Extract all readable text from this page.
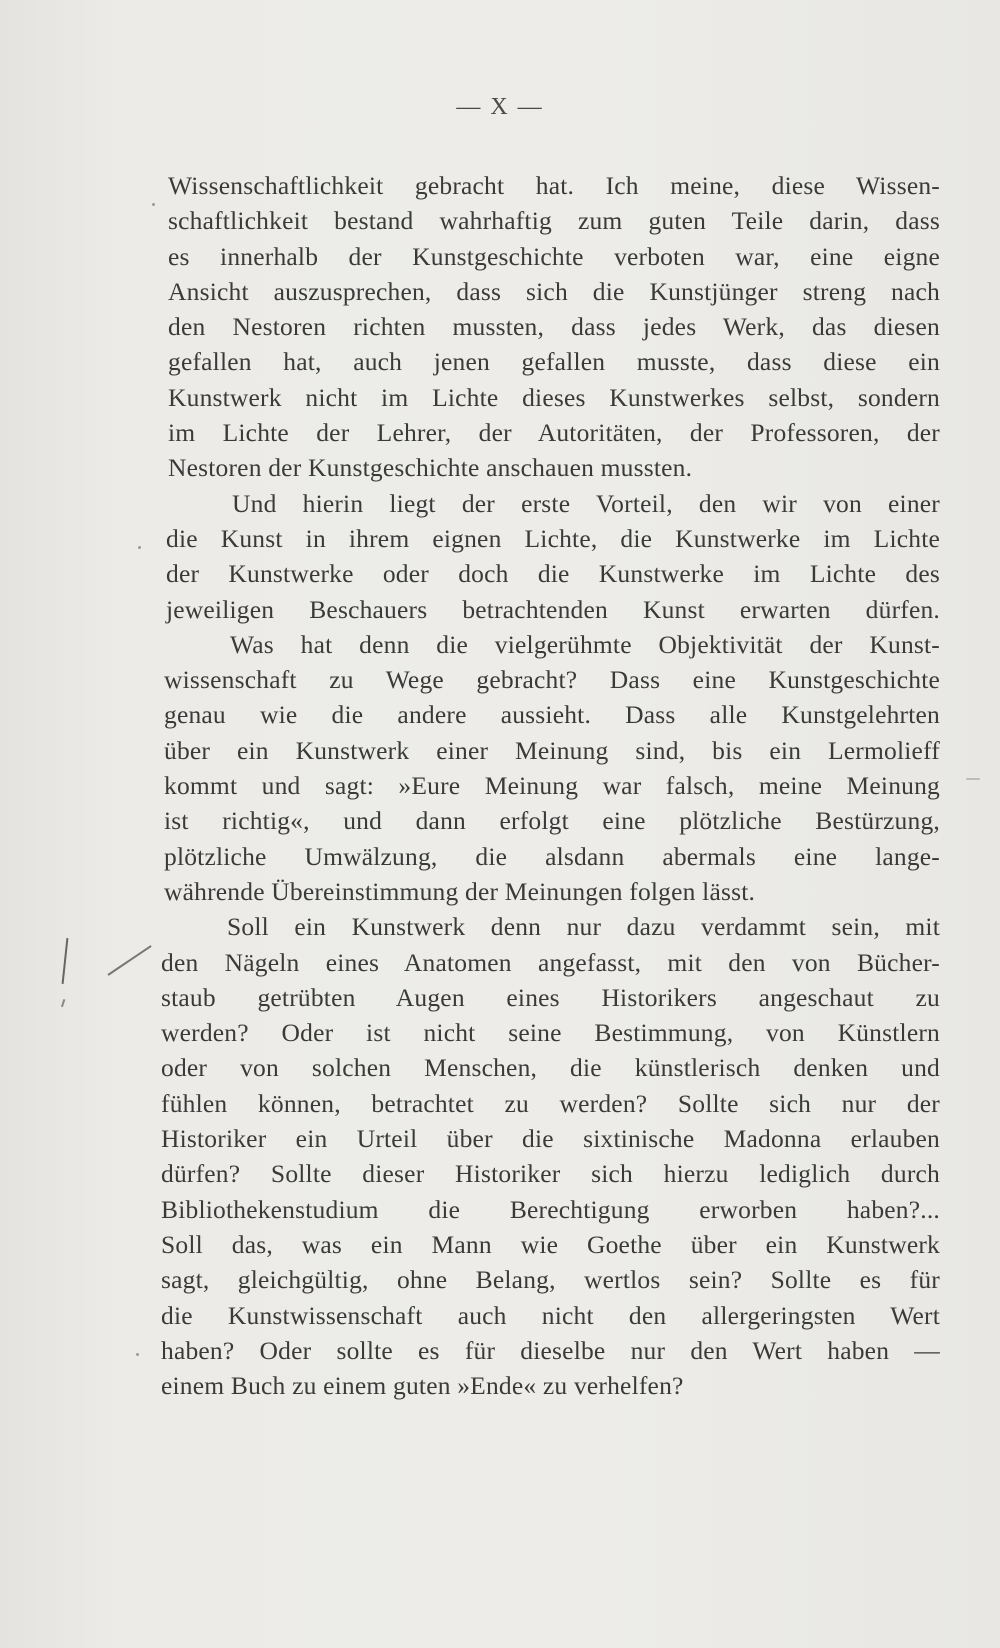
— X —
Wissenschaftlichkeit gebracht hat. Ich meine, diese Wissen-
schaftlichkeit bestand wahrhaftig zum guten Teile darin, dass
es innerhalb der Kunstgeschichte verboten war, eine eigne
Ansicht auszusprechen, dass sich die Kunstjünger streng nach
den Nestoren richten mussten, dass jedes Werk, das diesen
gefallen hat, auch jenen gefallen musste, dass diese ein
Kunstwerk nicht im Lichte dieses Kunstwerkes selbst, sondern
im Lichte der Lehrer, der Autoritäten, der Professoren, der
Nestoren der Kunstgeschichte anschauen mussten.
Und hierin liegt der erste Vorteil, den wir von einer
die Kunst in ihrem eignen Lichte, die Kunstwerke im Lichte
der Kunstwerke oder doch die Kunstwerke im Lichte des
jeweiligen Beschauers betrachtenden Kunst erwarten dürfen.
Was hat denn die vielgerühmte Objektivität der Kunst-
wissenschaft zu Wege gebracht? Dass eine Kunstgeschichte
genau wie die andere aussieht. Dass alle Kunstgelehrten
über ein Kunstwerk einer Meinung sind, bis ein Lermolieff
kommt und sagt: »Eure Meinung war falsch, meine Meinung
ist richtig«, und dann erfolgt eine plötzliche Bestürzung,
plötzliche Umwälzung, die alsdann abermals eine lange-
währende Übereinstimmung der Meinungen folgen lässt.
Soll ein Kunstwerk denn nur dazu verdammt sein, mit
den Nägeln eines Anatomen angefasst, mit den von Bücher-
staub getrübten Augen eines Historikers angeschaut zu
werden? Oder ist nicht seine Bestimmung, von Künstlern
oder von solchen Menschen, die künstlerisch denken und
fühlen können, betrachtet zu werden? Sollte sich nur der
Historiker ein Urteil über die sixtinische Madonna erlauben
dürfen? Sollte dieser Historiker sich hierzu lediglich durch
Bibliothekenstudium die Berechtigung erworben haben?...
Soll das, was ein Mann wie Goethe über ein Kunstwerk
sagt, gleichgültig, ohne Belang, wertlos sein? Sollte es für
die Kunstwissenschaft auch nicht den allergeringsten Wert
haben? Oder sollte es für dieselbe nur den Wert haben —
einem Buch zu einem guten »Ende« zu verhelfen?
